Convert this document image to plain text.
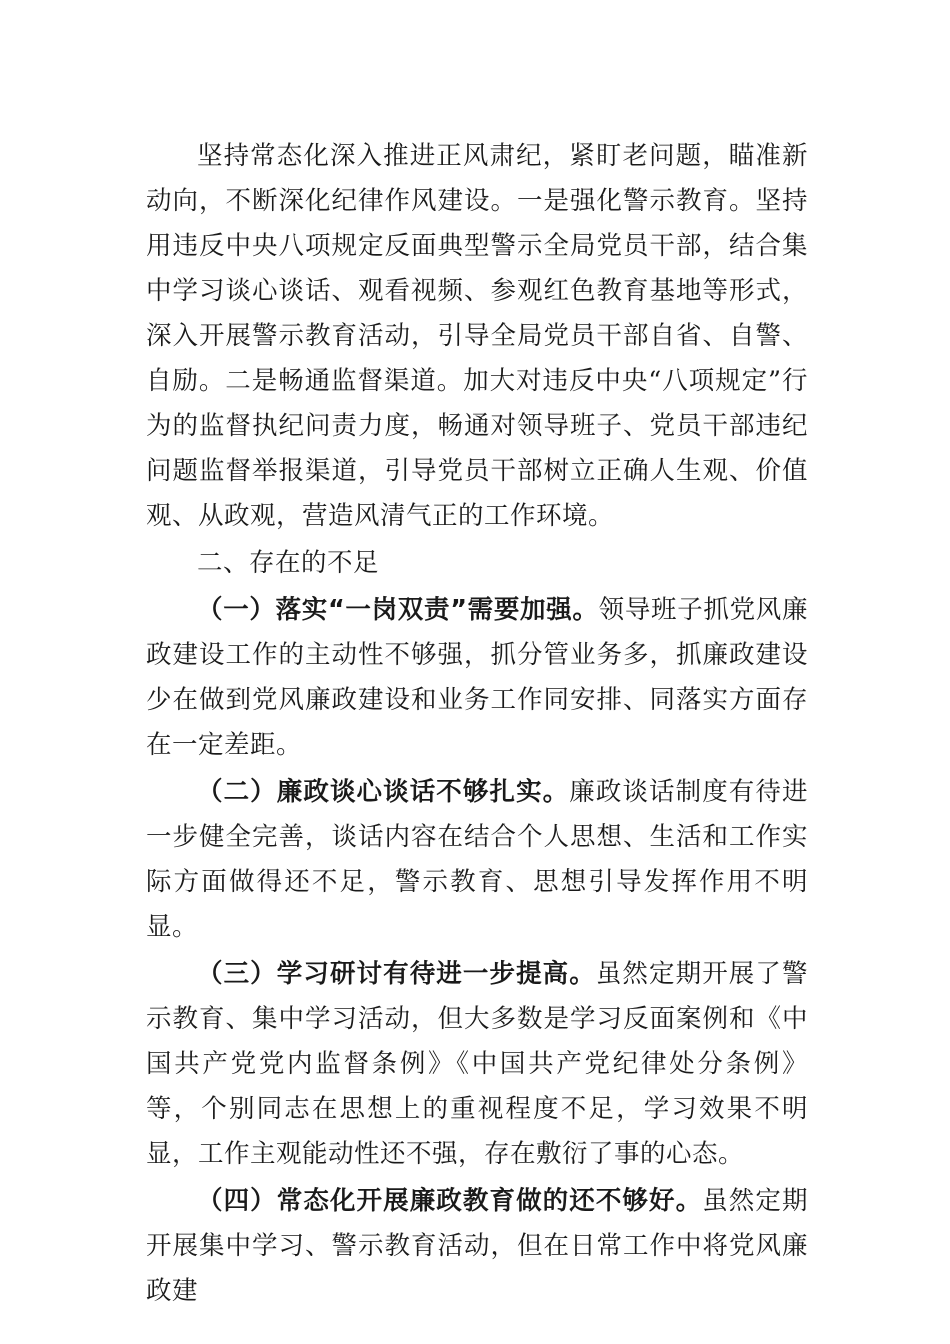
坚持常态化深入推进正风肃纪，紧盯老问题，瞄准新动向，不断深化纪律作风建设。一是强化警示教育。坚持用违反中央八项规定反面典型警示全局党员干部，结合集中学习谈心谈话、观看视频、参观红色教育基地等形式，深入开展警示教育活动，引导全局党员干部自省、自警、自励。二是畅通监督渠道。加大对违反中央“八项规定”行为的监督执纪问责力度，畅通对领导班子、党员干部违纪问题监督举报渠道，引导党员干部树立正确人生观、价值观、从政观，营造风清气正的工作环境。

二、存在的不足

（一）落实“一岗双责”需要加强。领导班子抓党风廉政建设工作的主动性不够强，抓分管业务多，抓廉政建设少在做到党风廉政建设和业务工作同安排、同落实方面存在一定差距。

（二）廉政谈心谈话不够扎实。廉政谈话制度有待进一步健全完善，谈话内容在结合个人思想、生活和工作实际方面做得还不足，警示教育、思想引导发挥作用不明显。

（三）学习研讨有待进一步提高。虽然定期开展了警示教育、集中学习活动，但大多数是学习反面案例和《中国共产党党内监督条例》《中国共产党纪律处分条例》等，个别同志在思想上的重视程度不足，学习效果不明显，工作主观能动性还不强，存在敷衍了事的心态。

（四）常态化开展廉政教育做的还不够好。虽然定期开展集中学习、警示教育活动，但在日常工作中将党风廉政建
